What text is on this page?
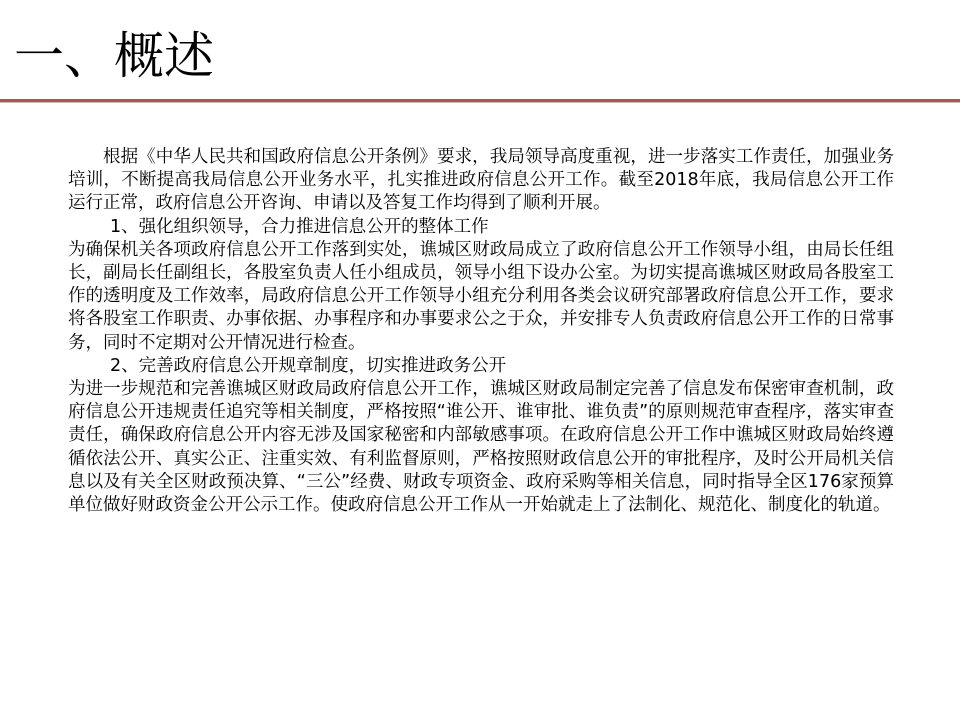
一、概述

根据《中华人民共和国政府信息公开条例》要求，我局领导高度重视，进一步落实工作责任，加强业务培训，不断提高我局信息公开业务水平，扎实推进政府信息公开工作。截至2018年底，我局信息公开工作运行正常，政府信息公开咨询、申请以及答复工作均得到了顺利开展。

1、强化组织领导，合力推进信息公开的整体工作

为确保机关各项政府信息公开工作落到实处，谯城区财政局成立了政府信息公开工作领导小组，由局长任组长，副局长任副组长，各股室负责人任小组成员，领导小组下设办公室。为切实提高谯城区财政局各股室工作的透明度及工作效率，局政府信息公开工作领导小组充分利用各类会议研究部署政府信息公开工作，要求将各股室工作职责、办事依据、办事程序和办事要求公之于众，并安排专人负责政府信息公开工作的日常事务，同时不定期对公开情况进行检查。

2、完善政府信息公开规章制度，切实推进政务公开

为进一步规范和完善谯城区财政局政府信息公开工作，谯城区财政局制定完善了信息发布保密审查机制，政府信息公开违规责任追究等相关制度，严格按照“谁公开、谁审批、谁负责”的原则规范审查程序，落实审查责任，确保政府信息公开内容无涉及国家秘密和内部敏感事项。在政府信息公开工作中谯城区财政局始终遵循依法公开、真实公正、注重实效、有利监督原则，严格按照财政信息公开的审批程序，及时公开局机关信息以及有关全区财政预决算、“三公”经费、财政专项资金、政府采购等相关信息，同时指导全区176家预算单位做好财政资金公开公示工作。使政府信息公开工作从一开始就走上了法制化、规范化、制度化的轨道。
